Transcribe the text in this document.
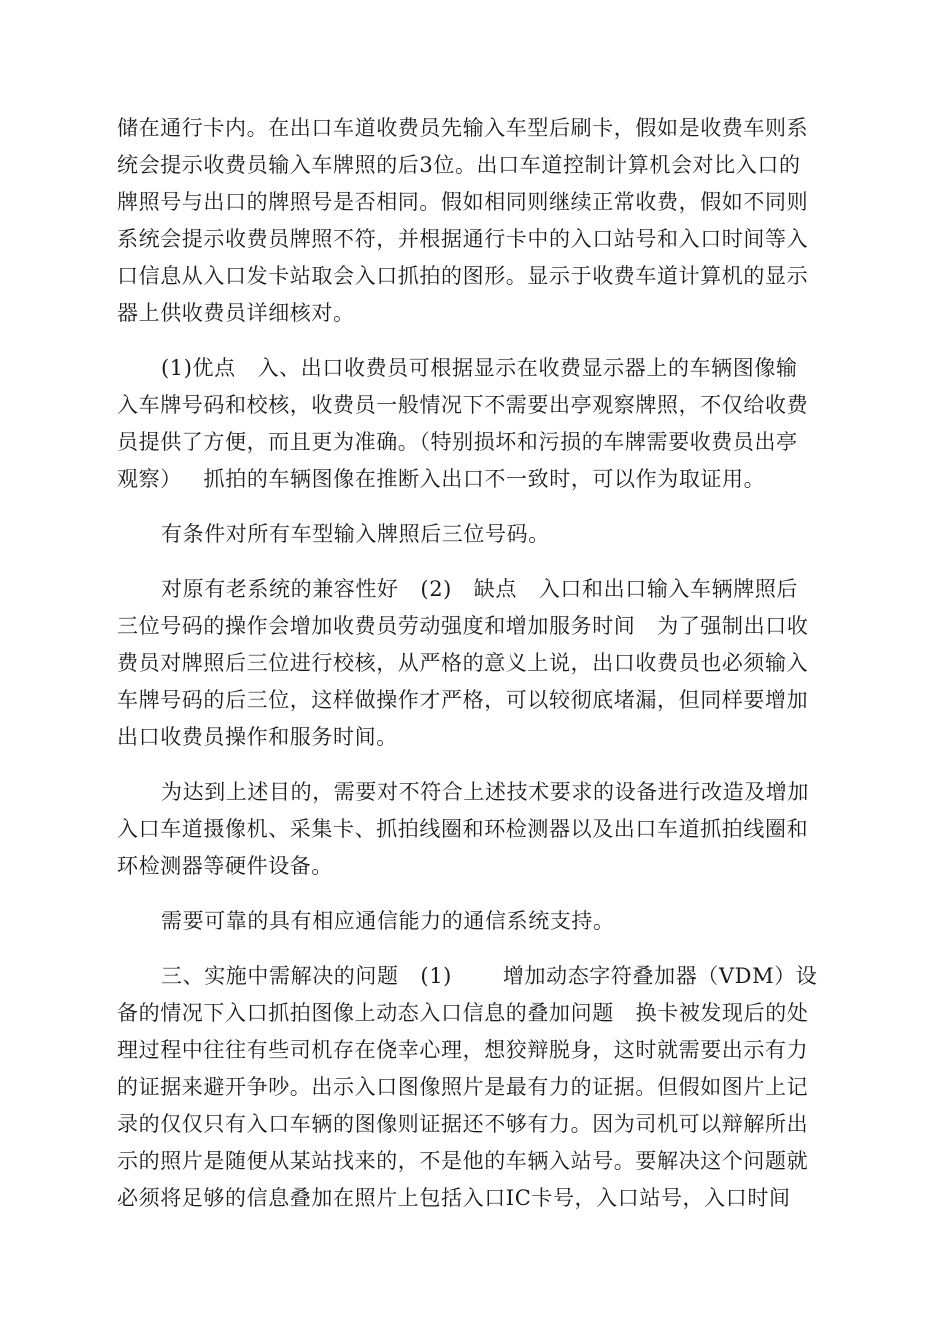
储在通行卡内。在出口车道收费员先输入车型后刷卡，假如是收费车则系
统会提示收费员输入车牌照的后3位。出口车道控制计算机会对比入口的
牌照号与出口的牌照号是否相同。假如相同则继续正常收费，假如不同则
系统会提示收费员牌照不符，并根据通行卡中的入口站号和入口时间等入
口信息从入口发卡站取会入口抓拍的图形。显示于收费车道计算机的显示
器上供收费员详细核对。

(1)优点   入、出口收费员可根据显示在收费显示器上的车辆图像输
入车牌号码和校核，收费员一般情况下不需要出亭观察牌照，不仅给收费
员提供了方便，而且更为准确。（特别损坏和污损的车牌需要收费员出亭
观察）   抓拍的车辆图像在推断入出口不一致时，可以作为取证用。

有条件对所有车型输入牌照后三位号码。

对原有老系统的兼容性好   (2)   缺点   入口和出口输入车辆牌照后
三位号码的操作会增加收费员劳动强度和增加服务时间   为了强制出口收
费员对牌照后三位进行校核，从严格的意义上说，出口收费员也必须输入
车牌号码的后三位，这样做操作才严格，可以较彻底堵漏，但同样要增加
出口收费员操作和服务时间。

为达到上述目的，需要对不符合上述技术要求的设备进行改造及增加
入口车道摄像机、采集卡、抓拍线圈和环检测器以及出口车道抓拍线圈和
环检测器等硬件设备。

需要可靠的具有相应通信能力的通信系统支持。

三、实施中需解决的问题   (1)       增加动态字符叠加器（VDM）设
备的情况下入口抓拍图像上动态入口信息的叠加问题   换卡被发现后的处
理过程中往往有些司机存在侥幸心理，想狡辩脱身，这时就需要出示有力
的证据来避开争吵。出示入口图像照片是最有力的证据。但假如图片上记
录的仅仅只有入口车辆的图像则证据还不够有力。因为司机可以辩解所出
示的照片是随便从某站找来的，不是他的车辆入站号。要解决这个问题就
必须将足够的信息叠加在照片上包括入口IC卡号，入口站号，入口时间
